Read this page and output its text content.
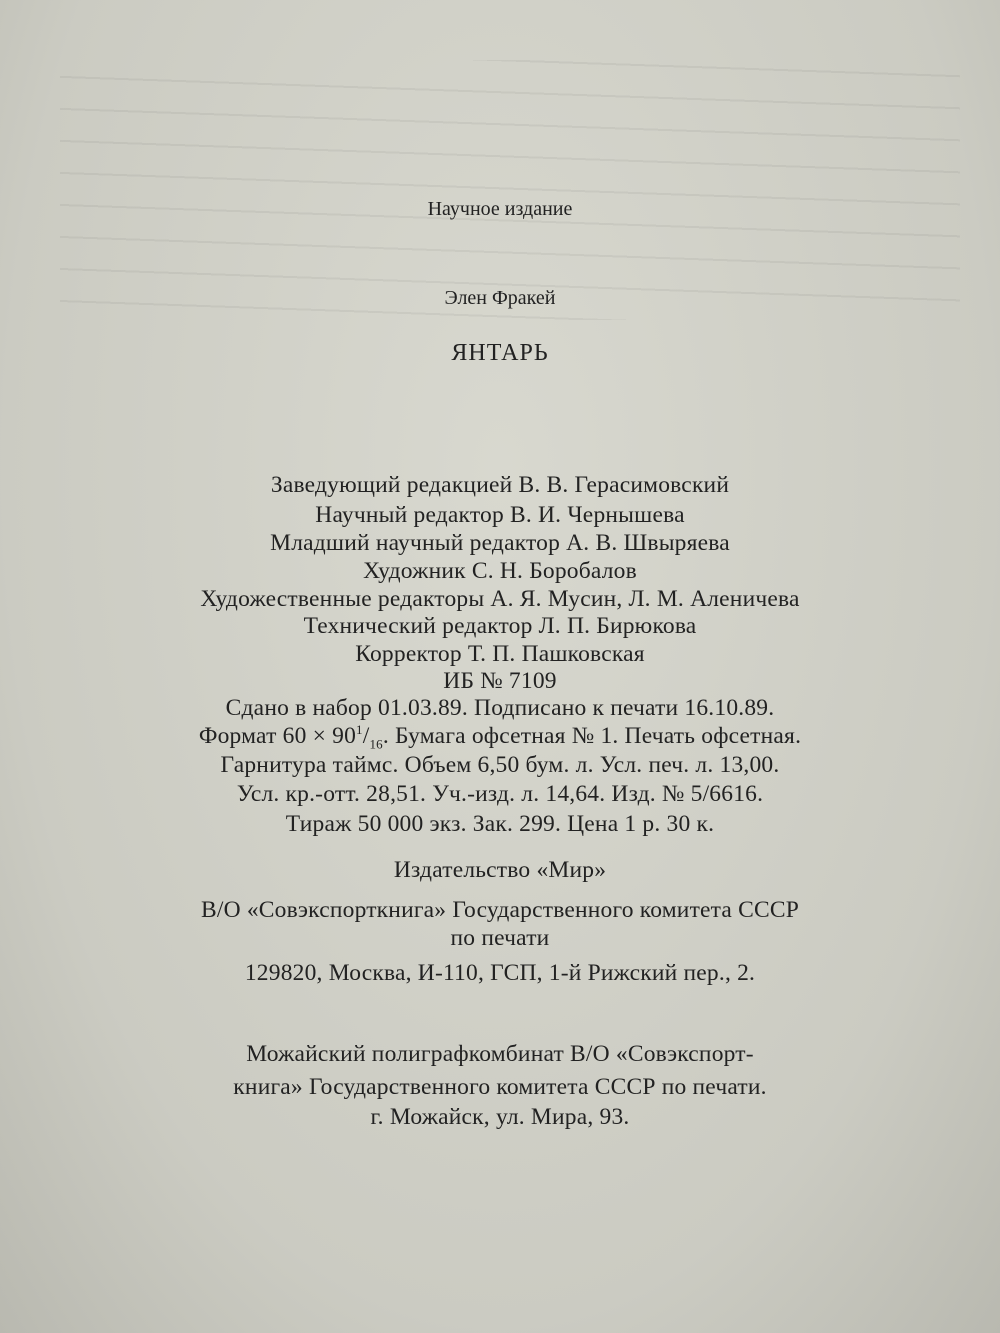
Научное издание
Элен Фракей
ЯНТАРЬ
Заведующий редакцией В. В. Герасимовский
Научный редактор В. И. Чернышева
Младший научный редактор А. В. Швыряева
Художник С. Н. Боробалов
Художественные редакторы А. Я. Мусин, Л. М. Аленичева
Технический редактор Л. П. Бирюкова
Корректор Т. П. Пашковская
ИБ № 7109
Сдано в набор 01.03.89. Подписано к печати 16.10.89.
Формат $60 \times 90^1/_{16}$. Бумага офсетная № 1. Печать офсетная.
Гарнитура таймс. Объем 6,50 бум. л. Усл. печ. л. 13,00.
Усл. кр.-отт. 28,51. Уч.-изд. л. 14,64. Изд. № 5/6616.
Тираж 50 000 экз. Зак. 299. Цена 1 р. 30 к.
Издательство «Мир»
В/О «Совэкспорткнига» Государственного комитета СССР
по печати
129820, Москва, И-110, ГСП, 1-й Рижский пер., 2.
Можайский полиграфкомбинат В/О «Совэкспорт-
книга» Государственного комитета СССР по печати.
г. Можайск, ул. Мира, 93.
